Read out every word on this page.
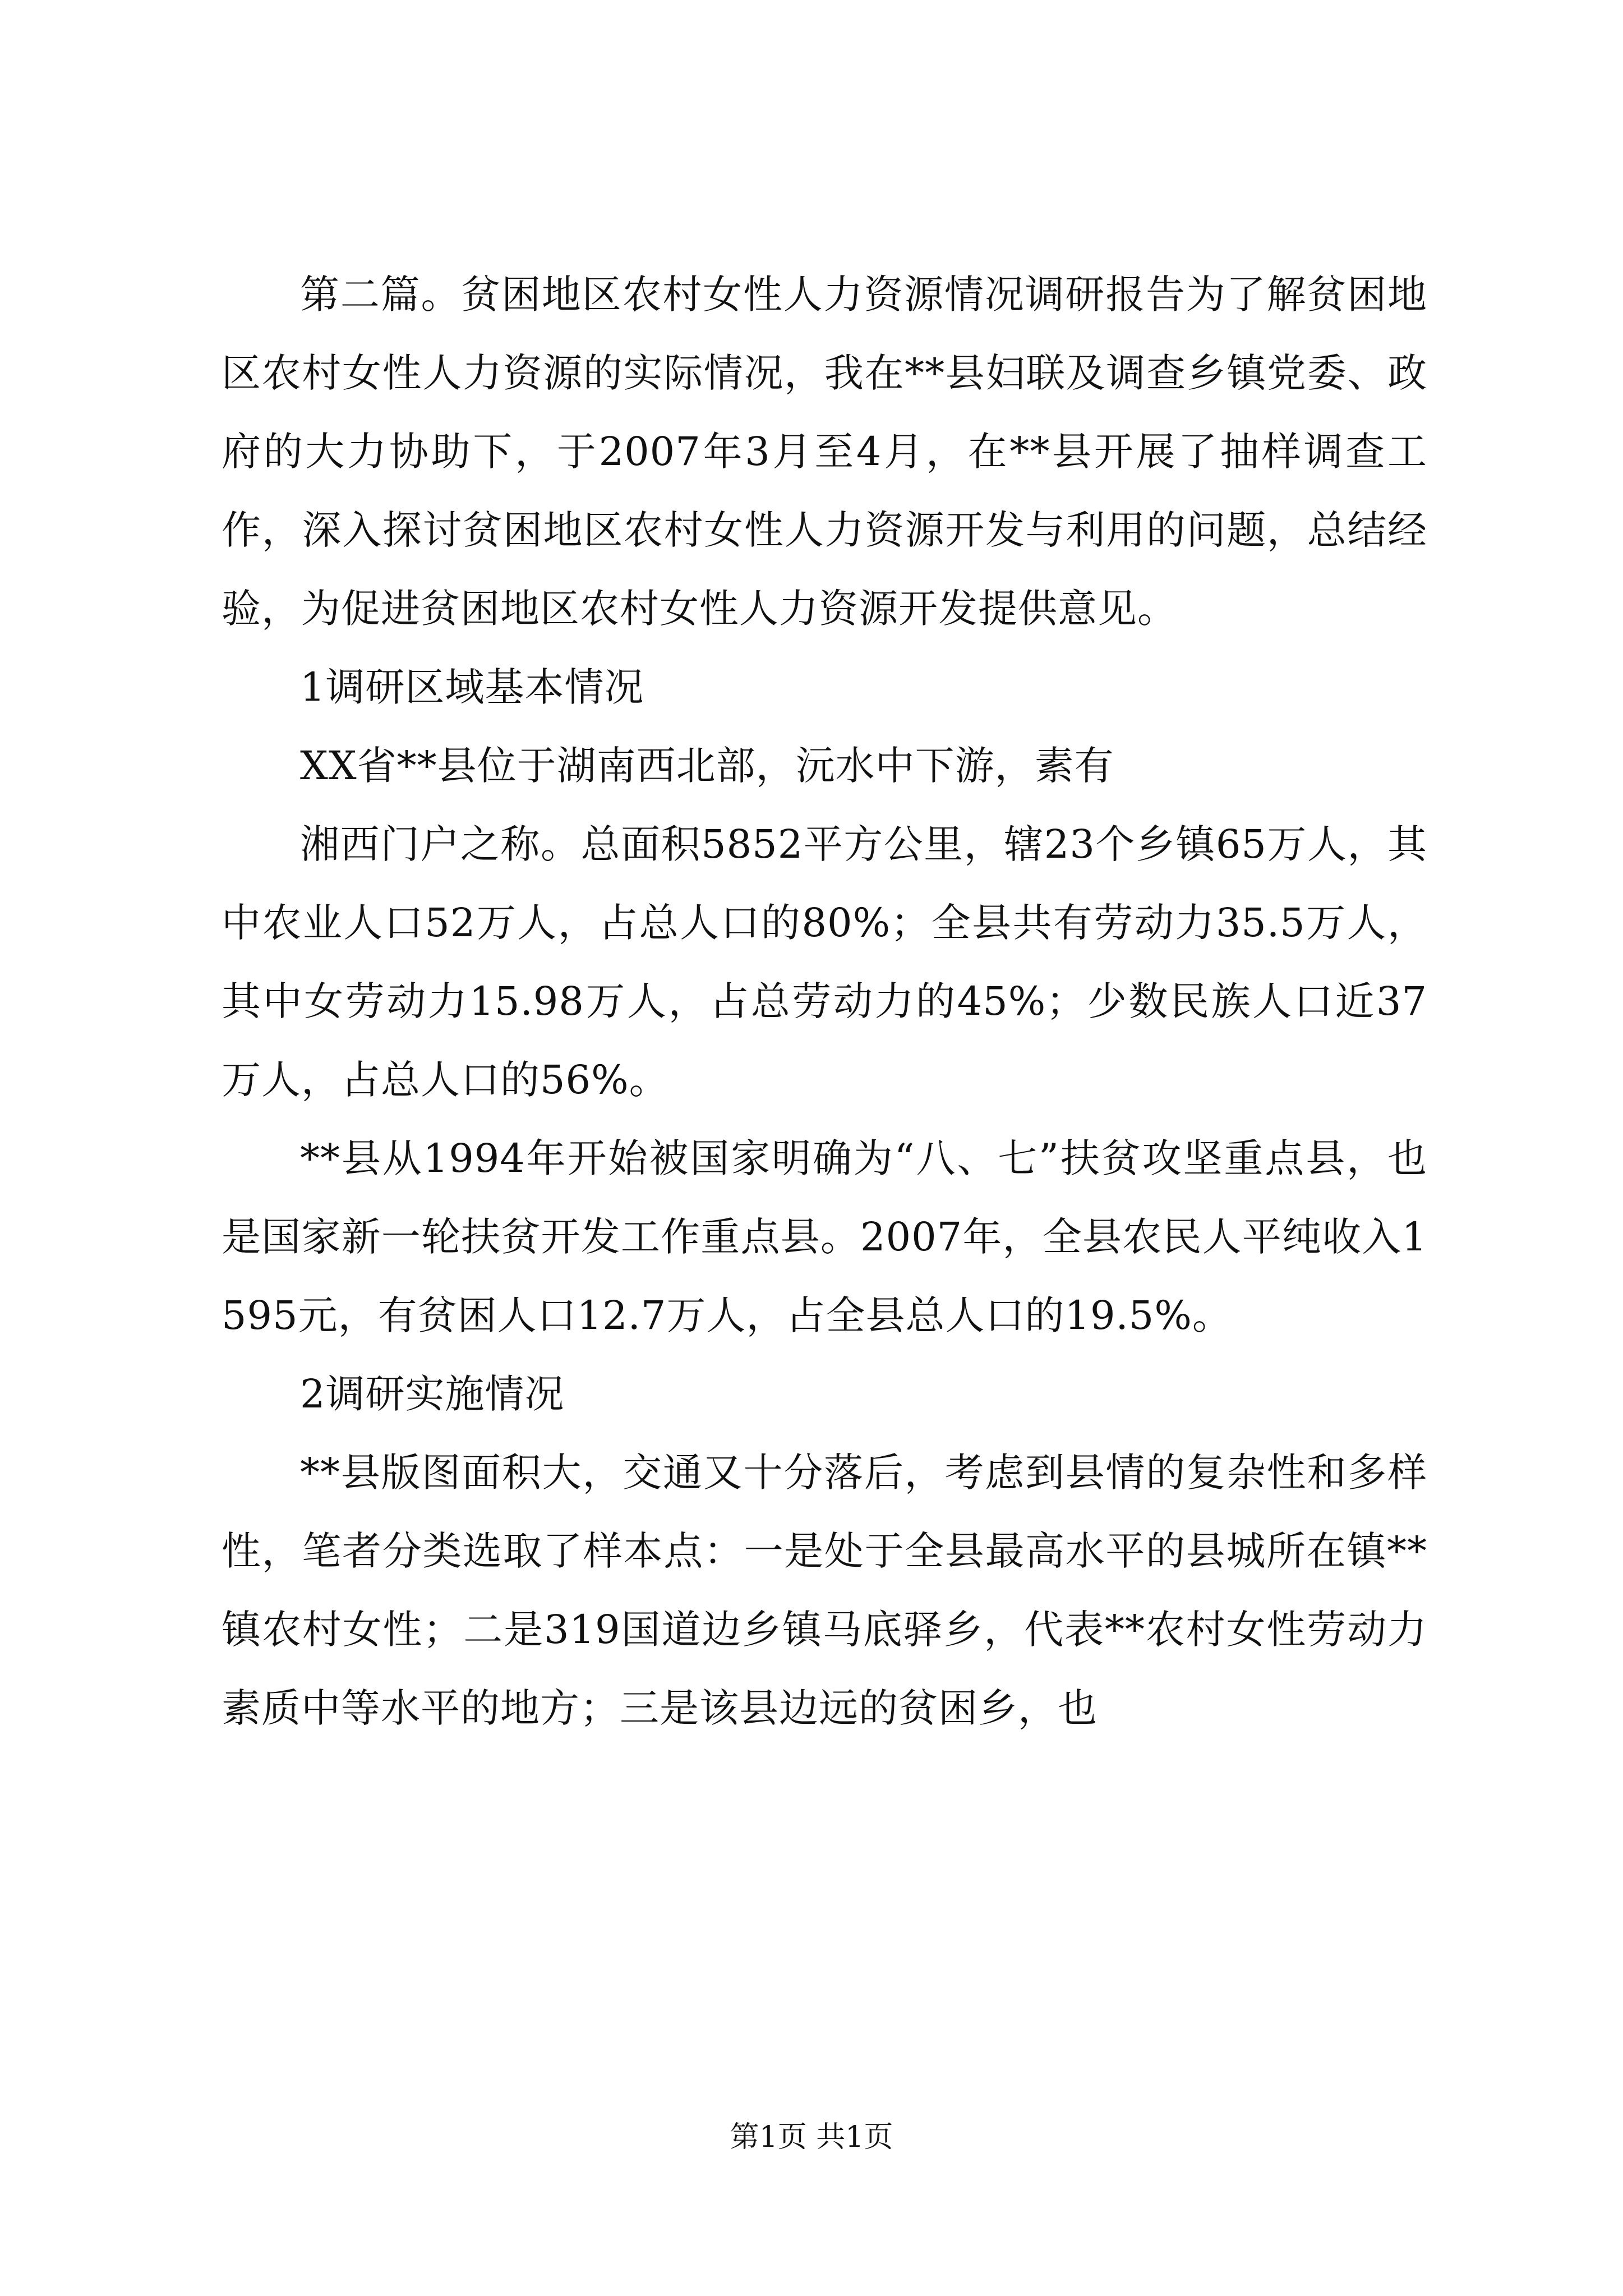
第二篇。贫困地区农村女性人力资源情况调研报告为了解贫困地区农村女性人力资源的实际情况，我在**县妇联及调查乡镇党委、政府的大力协助下，于2007年3月至4月，在**县开展了抽样调查工作，深入探讨贫困地区农村女性人力资源开发与利用的问题，总结经验，为促进贫困地区农村女性人力资源开发提供意见。

1调研区域基本情况

XX省**县位于湖南西北部，沅水中下游，素有

湘西门户之称。总面积5852平方公里，辖23个乡镇65万人，其中农业人口52万人，占总人口的80%；全县共有劳动力35.5万人，其中女劳动力15.98万人，占总劳动力的45%；少数民族人口近37万人，占总人口的56%。

**县从1994年开始被国家明确为“八、七”扶贫攻坚重点县，也是国家新一轮扶贫开发工作重点县。2007年，全县农民人平纯收入1595元，有贫困人口12.7万人，占全县总人口的19.5%。

2调研实施情况

**县版图面积大，交通又十分落后，考虑到县情的复杂性和多样性，笔者分类选取了样本点：一是处于全县最高水平的县城所在镇**镇农村女性；二是319国道边乡镇马底驿乡，代表**农村女性劳动力素质中等水平的地方；三是该县边远的贫困乡，也

第1页 共1页
